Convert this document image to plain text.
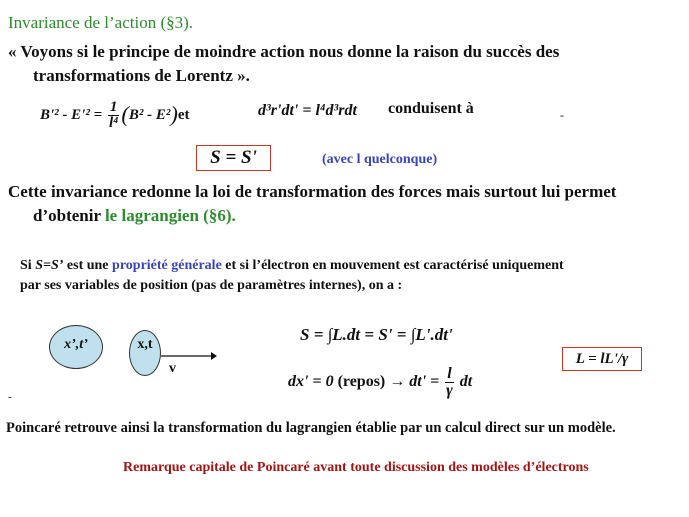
Invariance de l’action (§3).
« Voyons si le principe de moindre action nous donne la raison du succès des
transformations de Lorentz ».
$B'^2 - E'^2 = \frac{1}{\text{l⁴}} (B^2 - E^2)et$	d³r'dt' = l⁴d³rdt conduisent à	-
S = S'	(avec l quelconque)
Cette invariance redonne la loi de transformation des forces mais surtout lui permet
d’obtenir le lagrangien (§6).
Si S=S’ est une propriété générale et si l’électron en mouvement est caractérisé uniquement
par ses variables de position (pas de paramètres internes), on a :
x’,t’	x,t
v
S = ∫L.dt = S' = ∫L'.dt'
dx' = 0 (repos) → $dt' = \frac{l}{\gamma}$ dt
L = lL'/γ
-
Poincaré retrouve ainsi la transformation du lagrangien établie par un calcul direct sur un modèle.
Remarque capitale de Poincaré avant toute discussion des modèles d’électrons
